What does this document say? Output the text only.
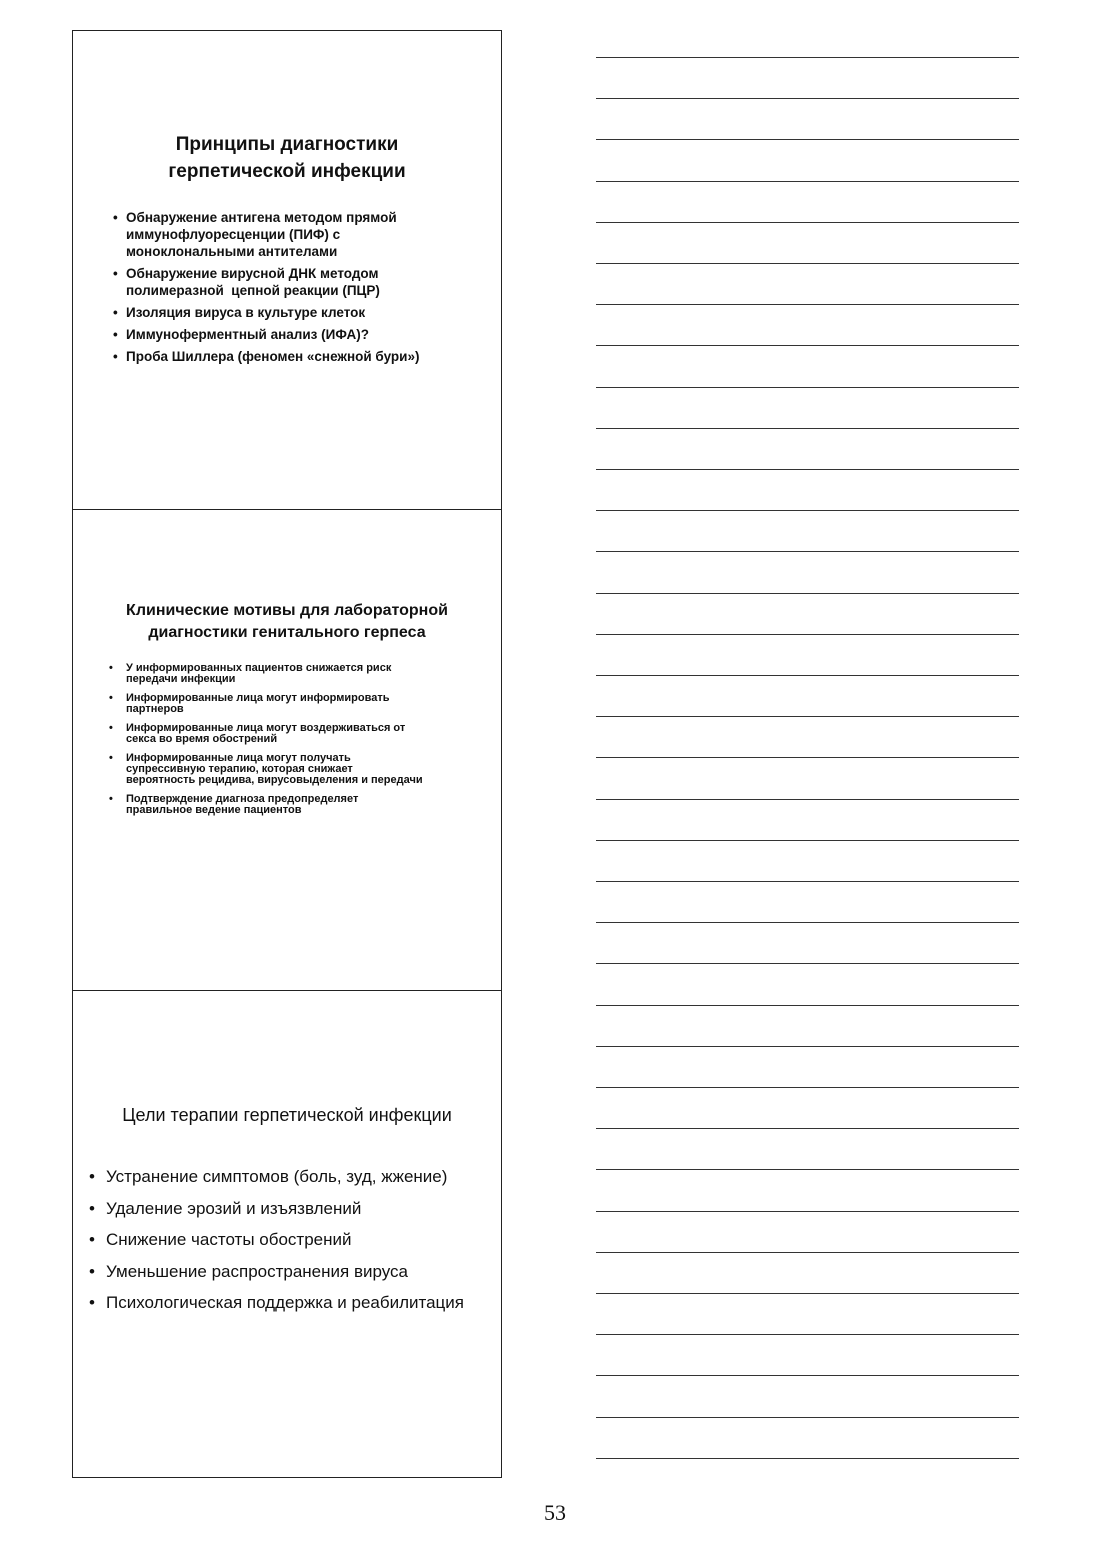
Принципы диагностики
герпетической инфекции
• Обнаружение антигена методом прямой
иммунофлуоресценции (ПИФ) с
моноклональными антителами
• Обнаружение вирусной ДНК методом
полимеразной  цепной реакции (ПЦР)
• Изоляция вируса в культуре клеток
• Иммуноферментный анализ (ИФА)?
• Проба Шиллера (феномен «снежной бури»)
Клинические мотивы для лабораторной
диагностики генитального герпеса
• У информированных пациентов снижается риск
передачи инфекции
• Информированные лица могут информировать
партнеров
• Информированные лица могут воздерживаться от
секса во время обострений
• Информированные лица могут получать
супрессивную терапию, которая снижает
вероятность рецидива, вирусовыделения и передачи
• Подтверждение диагноза предопределяет
правильное ведение пациентов
Цели терапии герпетической инфекции
• Устранение симптомов (боль, зуд, жжение)
• Удаление эрозий и изъязвлений
• Снижение частоты обострений
• Уменьшение распространения вируса
• Психологическая поддержка и реабилитация
53
